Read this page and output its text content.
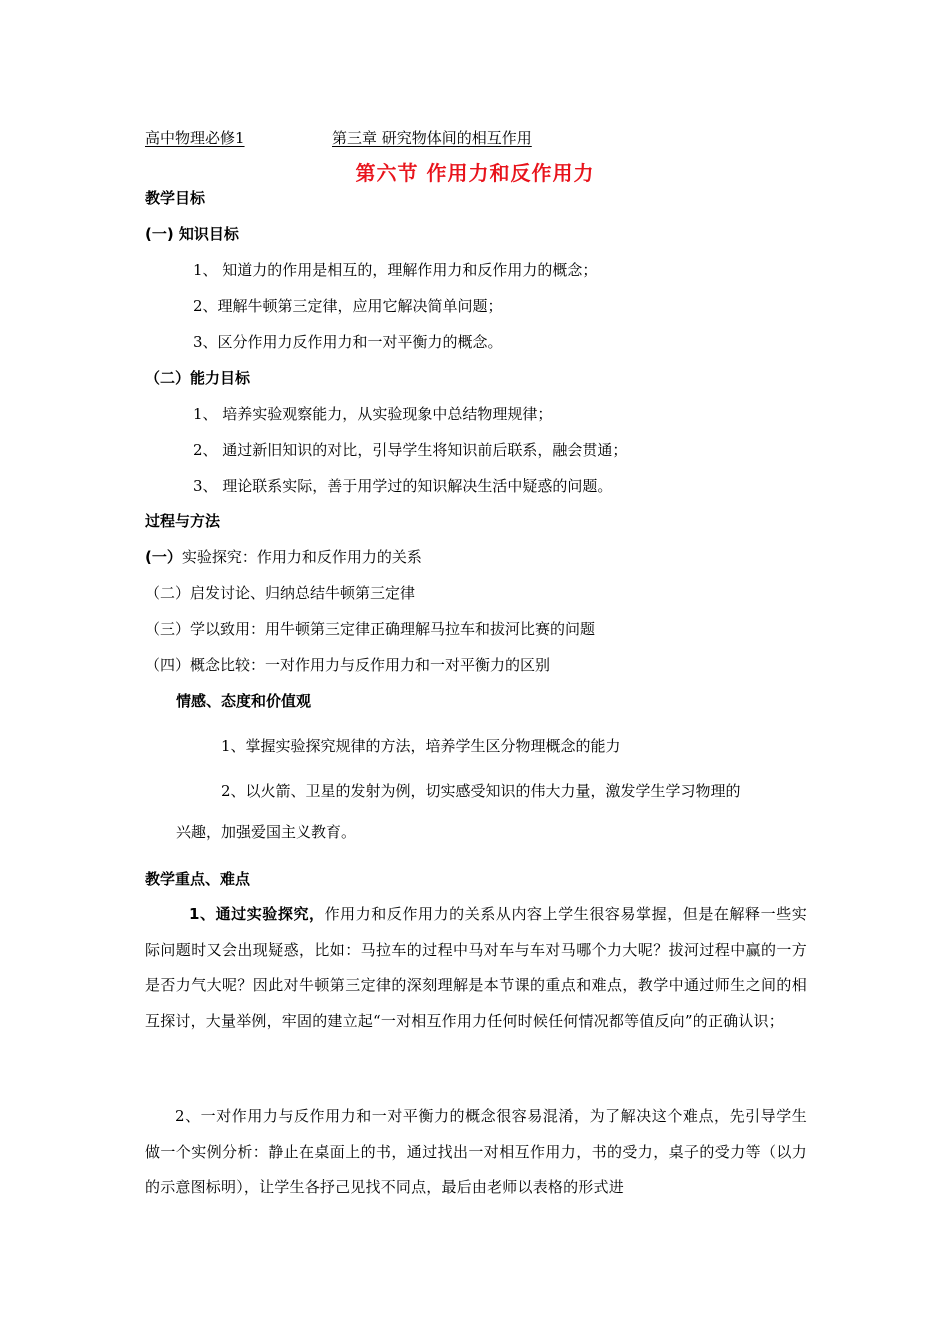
高中物理必修1	第三章 研究物体间的相互作用
第六节 作用力和反作用力
教学目标
(一) 知识目标
1、 知道力的作用是相互的，理解作用力和反作用力的概念；
2、理解牛顿第三定律，应用它解决简单问题；
3、区分作用力反作用力和一对平衡力的概念。
（二）能力目标
1、 培养实验观察能力，从实验现象中总结物理规律；
2、 通过新旧知识的对比，引导学生将知识前后联系，融会贯通；
3、 理论联系实际，善于用学过的知识解决生活中疑惑的问题。
过程与方法
(一）实验探究：作用力和反作用力的关系
（二）启发讨论、归纳总结牛顿第三定律
（三）学以致用：用牛顿第三定律正确理解马拉车和拔河比赛的问题
（四）概念比较：一对作用力与反作用力和一对平衡力的区别
情感、态度和价值观
1、掌握实验探究规律的方法，培养学生区分物理概念的能力
2、以火箭、卫星的发射为例，切实感受知识的伟大力量，激发学生学习物理的
兴趣，加强爱国主义教育。
教学重点、难点
1、通过实验探究，作用力和反作用力的关系从内容上学生很容易掌握，但是在解释一些实际问题时又会出现疑惑，比如：马拉车的过程中马对车与车对马哪个力大呢？拔河过程中赢的一方是否力气大呢？因此对牛顿第三定律的深刻理解是本节课的重点和难点，教学中通过师生之间的相互探讨，大量举例，牢固的建立起“一对相互作用力任何时候任何情况都等值反向”的正确认识；
2、一对作用力与反作用力和一对平衡力的概念很容易混淆，为了解决这个难点，先引导学生做一个实例分析：静止在桌面上的书，通过找出一对相互作用力，书的受力，桌子的受力等（以力的示意图标明），让学生各抒己见找不同点，最后由老师以表格的形式进
